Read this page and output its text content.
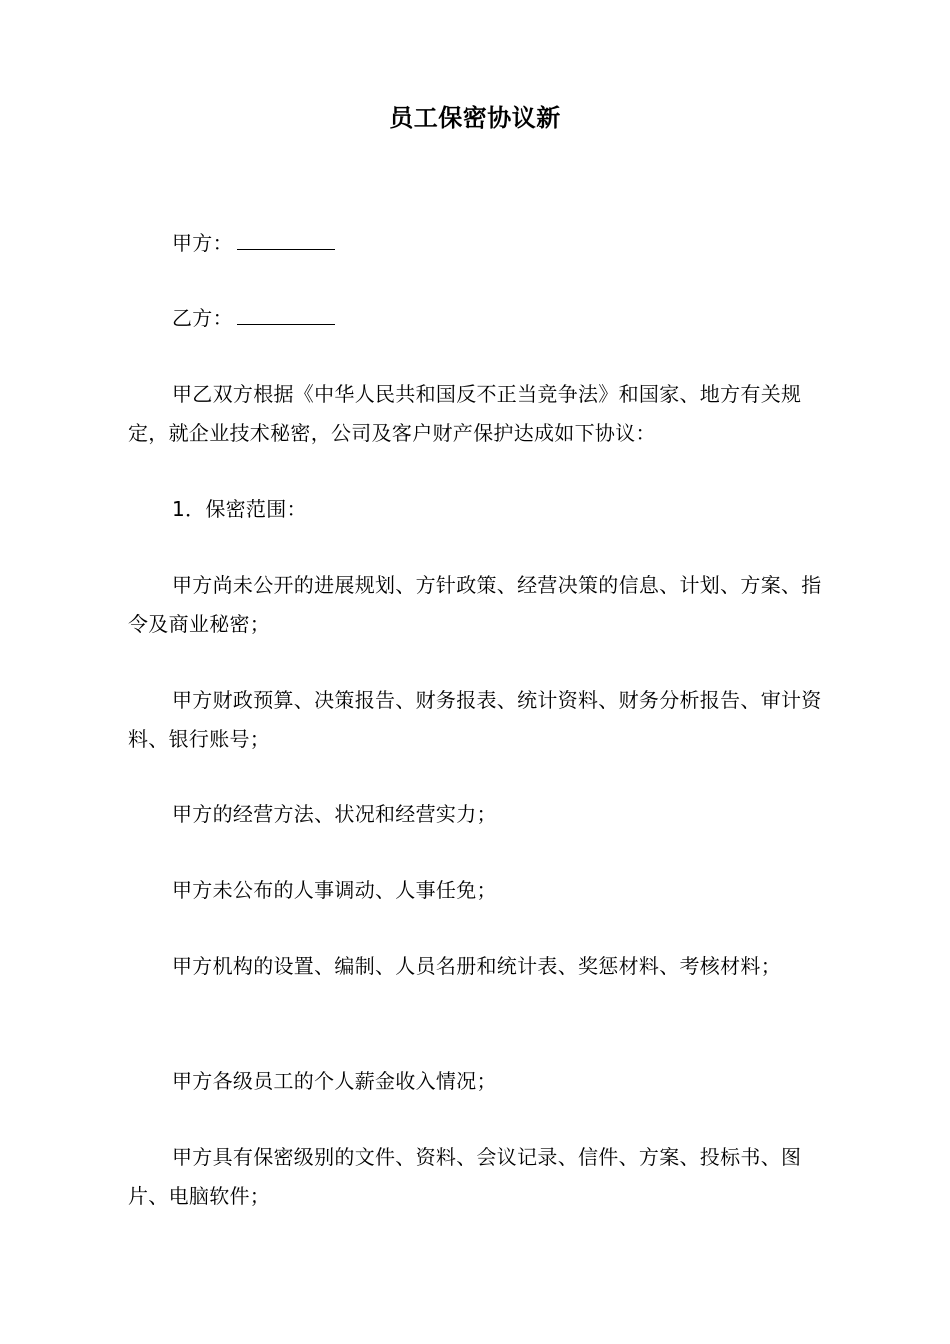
员工保密协议新

甲方：

乙方：

甲乙双方根据《中华人民共和国反不正当竞争法》和国家、地方有关规定，就企业技术秘密，公司及客户财产保护达成如下协议：

1．保密范围：

甲方尚未公开的进展规划、方针政策、经营决策的信息、计划、方案、指令及商业秘密；

甲方财政预算、决策报告、财务报表、统计资料、财务分析报告、审计资料、银行账号；

甲方的经营方法、状况和经营实力；

甲方未公布的人事调动、人事任免；

甲方机构的设置、编制、人员名册和统计表、奖惩材料、考核材料；

甲方各级员工的个人薪金收入情况；

甲方具有保密级别的文件、资料、会议记录、信件、方案、投标书、图片、电脑软件；
